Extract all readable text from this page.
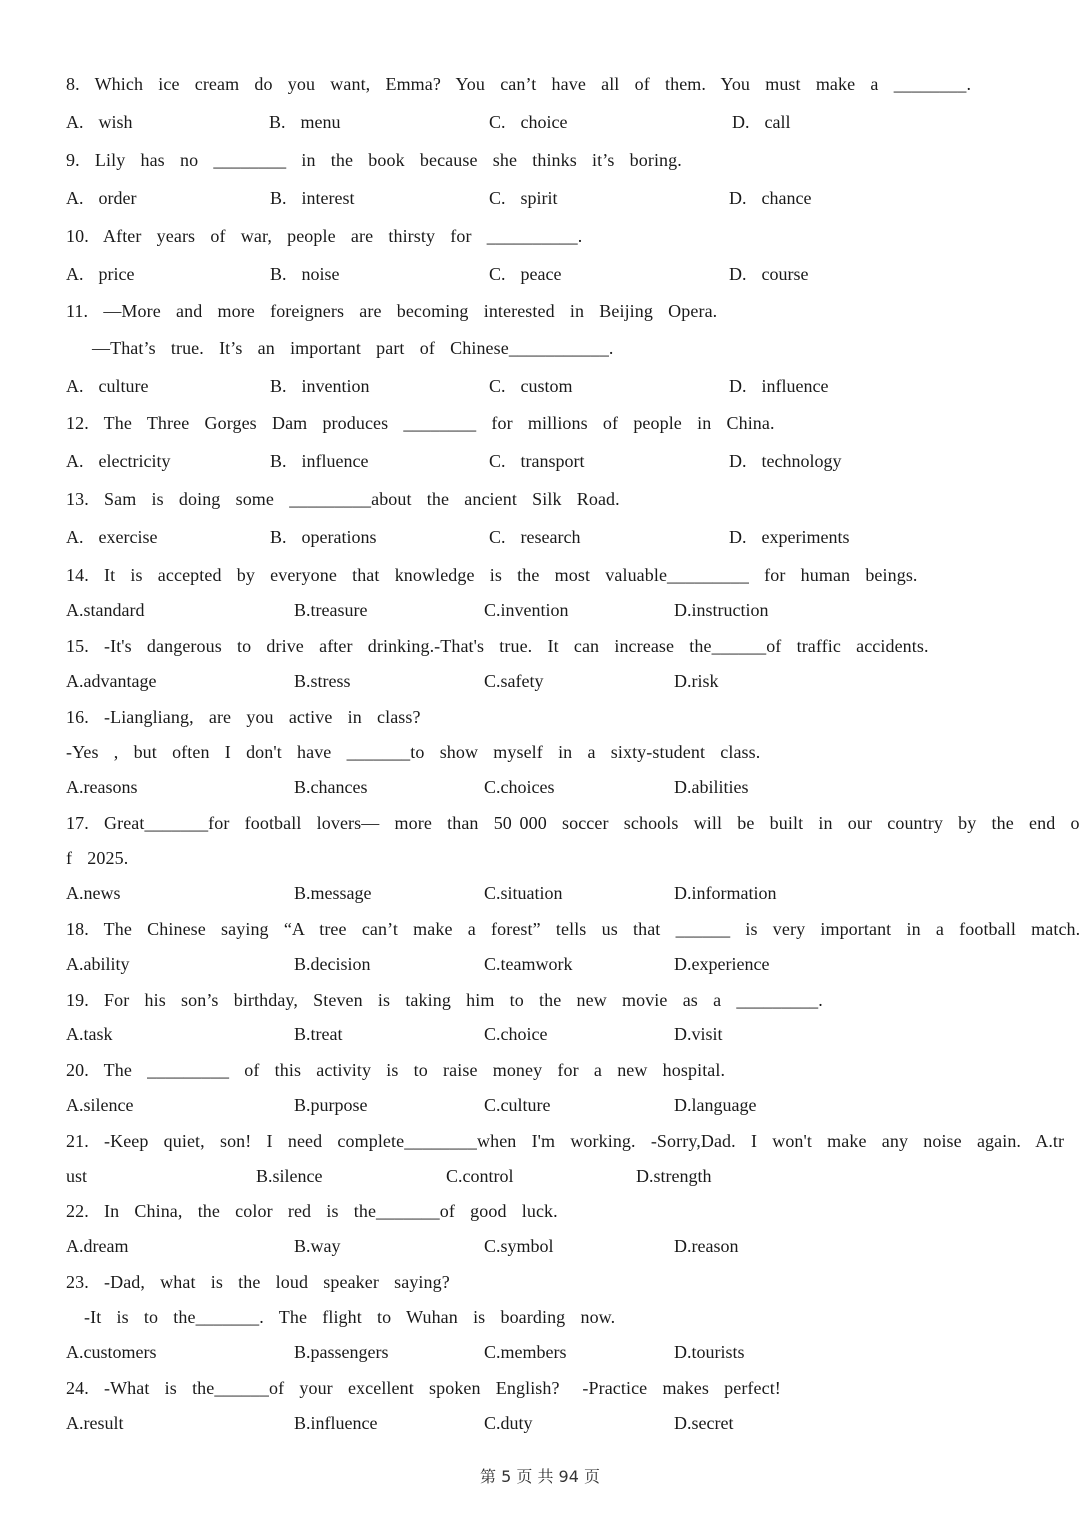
8.  Which  ice  cream  do  you  want,  Emma?  You  can’t  have  all  of  them.  You  must  make  a  ________.
A.  wish	B.  menu	C.  choice	D.  call
9.  Lily  has  no  ________  in  the  book  because  she  thinks  it’s  boring.
A.  order	B.  interest	C.  spirit	D.  chance
10.  After  years  of  war,  people  are  thirsty  for  __________.
A.  price	B.  noise	C.  peace	D.  course
11.  —More  and  more  foreigners  are  becoming  interested  in  Beijing  Opera.
—That’s  true.  It’s  an  important  part  of  Chinese___________.
A.  culture	B.  invention	C.  custom	D.  influence
12.  The  Three  Gorges  Dam  produces  ________  for  millions  of  people  in  China.
A.  electricity	B.  influence	C.  transport	D.  technology
13.  Sam  is  doing  some  _________about  the  ancient  Silk  Road.
A.  exercise	B.  operations	C.  research	D.  experiments
14.  It  is  accepted  by  everyone  that  knowledge  is  the  most  valuable_________  for  human  beings.
A.standard	B.treasure	C.invention	D.instruction
15.  -It's  dangerous  to  drive  after  drinking.-That's  true.  It  can  increase  the______of  traffic  accidents.
A.advantage	B.stress	C.safety	D.risk
16.  -Liangliang,  are  you  active  in  class?
-Yes  ,  but  often  I  don't  have  _______to  show  myself  in  a  sixty-student  class.
A.reasons	B.chances	C.choices	D.abilities
17.  Great_______for  football  lovers—  more  than  50 000  soccer  schools  will  be  built  in  our  country  by  the  end  o
f  2025.
A.news	B.message	C.situation	D.information
18.  The  Chinese  saying  “A  tree  can’t  make  a  forest”  tells  us  that  ______  is  very  important  in  a  football  match.
A.ability	B.decision	C.teamwork	D.experience
19.  For  his  son’s  birthday,  Steven  is  taking  him  to  the  new  movie  as  a  _________.
A.task	B.treat	C.choice	D.visit
20.  The  _________  of  this  activity  is  to  raise  money  for  a  new  hospital.
A.silence	B.purpose	C.culture	D.language
21.  -Keep  quiet,  son!  I  need  complete________when  I'm  working.  -Sorry,Dad.  I  won't  make  any  noise  again.  A.tr
ust	B.silence	C.control	D.strength
22.  In  China,  the  color  red  is  the_______of  good  luck.
A.dream	B.way	C.symbol	D.reason
23.  -Dad,  what  is  the  loud  speaker  saying?
-It  is  to  the_______.  The  flight  to  Wuhan  is  boarding  now.
A.customers	B.passengers	C.members	D.tourists
24.  -What  is  the______of  your  excellent  spoken  English?   -Practice  makes  perfect!
A.result	B.influence	C.duty	D.secret
第 5 页 共 94 页
